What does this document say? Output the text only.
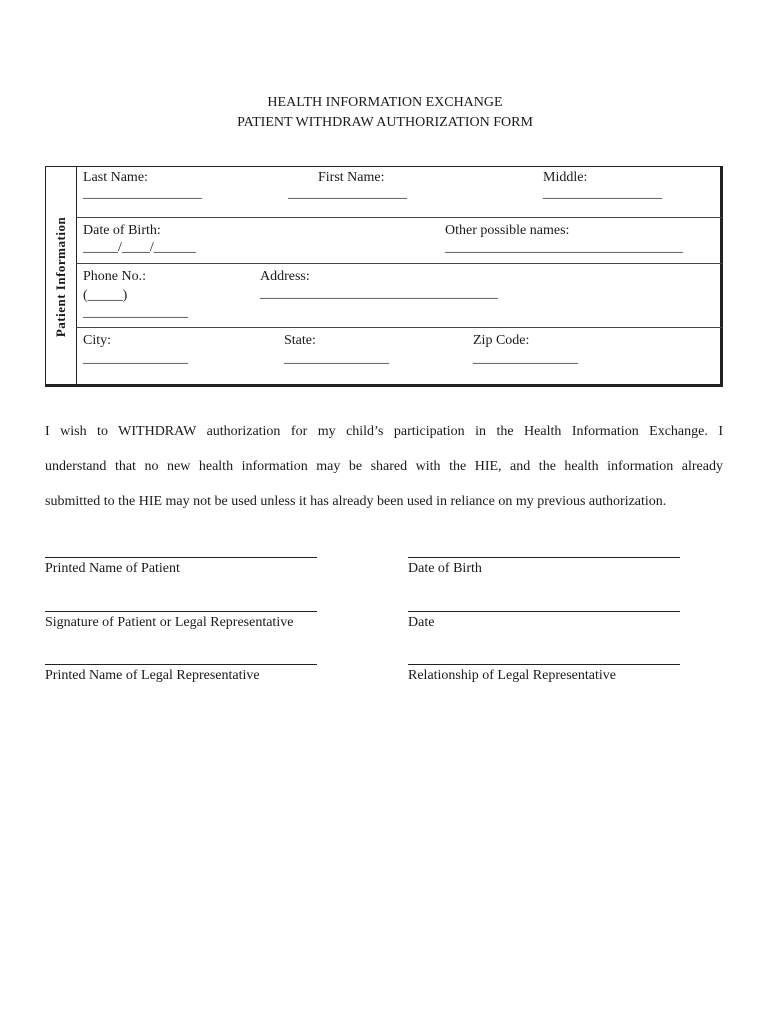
HEALTH INFORMATION EXCHANGE
PATIENT WITHDRAW AUTHORIZATION FORM
Patient Information
Last Name:
_________________
First Name:
_________________
Middle:
_________________
Date of Birth:
_____/____/______
Other possible names:
__________________________________
Phone No.:
(_____)
_______________
Address:
__________________________________
City:
_______________
State:
_______________
Zip Code:
_______________
I wish to WITHDRAW authorization for my child’s participation in the Health Information Exchange. I
understand that no new health information may be shared with the HIE, and the health information already
submitted to the HIE may not be used unless it has already been used in reliance on my previous authorization.
Printed Name of Patient	Date of Birth
Signature of Patient or Legal Representative	Date
Printed Name of Legal Representative	Relationship of Legal Representative
